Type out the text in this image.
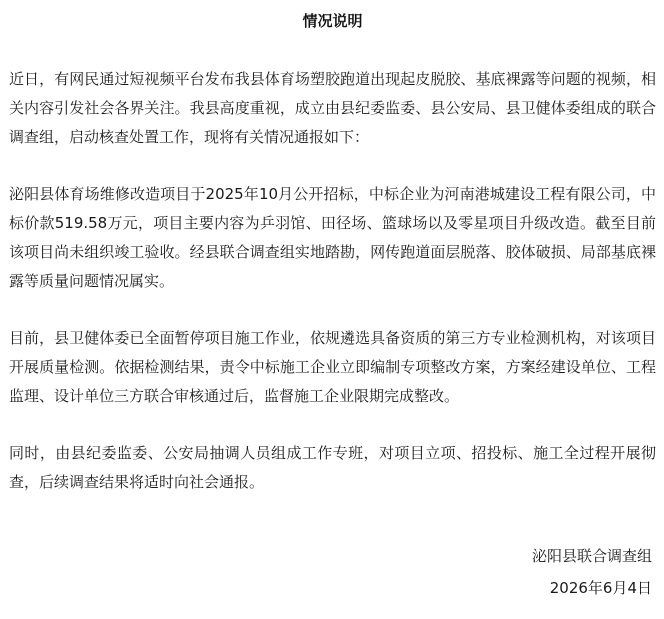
情况说明

近日，有网民通过短视频平台发布我县体育场塑胶跑道出现起皮脱胶、基底裸露等问题的视频，相关内容引发社会各界关注。我县高度重视，成立由县纪委监委、县公安局、县卫健体委组成的联合调查组，启动核查处置工作，现将有关情况通报如下：

泌阳县体育场维修改造项目于2025年10月公开招标，中标企业为河南港城建设工程有限公司，中标价款519.58万元，项目主要内容为乒羽馆、田径场、篮球场以及零星项目升级改造。截至目前该项目尚未组织竣工验收。经县联合调查组实地踏勘，网传跑道面层脱落、胶体破损、局部基底裸露等质量问题情况属实。

目前，县卫健体委已全面暂停项目施工作业，依规遴选具备资质的第三方专业检测机构，对该项目开展质量检测。依据检测结果，责令中标施工企业立即编制专项整改方案，方案经建设单位、工程监理、设计单位三方联合审核通过后，监督施工企业限期完成整改。

同时，由县纪委监委、公安局抽调人员组成工作专班，对项目立项、招投标、施工全过程开展彻查，后续调查结果将适时向社会通报。

泌阳县联合调查组
2026年6月4日
